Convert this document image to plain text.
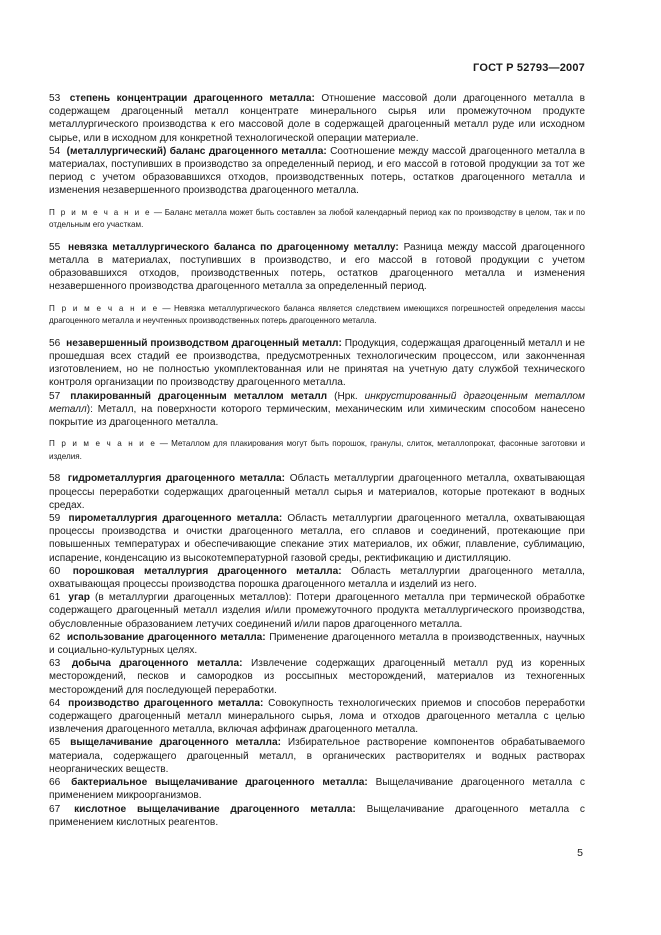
ГОСТ Р 52793—2007

53 степень концентрации драгоценного металла: Отношение массовой доли драгоценного металла в содержащем драгоценный металл концентрате минерального сырья или промежуточном продукте металлургического производства к его массовой доле в содержащей драгоценный металл руде или исходном сырье, или в исходном для конкретной технологической операции материале.

54 (металлургический) баланс драгоценного металла: Соотношение между массой драгоценного металла в материалах, поступивших в производство за определенный период, и его массой в готовой продукции за тот же период с учетом образовавшихся отходов, производственных потерь, остатков драгоценного металла и изменения незавершенного производства драгоценного металла.

П р и м е ч а н и е — Баланс металла может быть составлен за любой календарный период как по производству в целом, так и по отдельным его участкам.

55 невязка металлургического баланса по драгоценному металлу: Разница между массой драгоценного металла в материалах, поступивших в производство, и его массой в готовой продукции с учетом образовавшихся отходов, производственных потерь, остатков драгоценного металла и изменения незавершенного производства драгоценного металла за определенный период.

П р и м е ч а н и е — Невязка металлургического баланса является следствием имеющихся погрешностей определения массы драгоценного металла и неучтенных производственных потерь драгоценного металла.

56 незавершенный производством драгоценный металл: Продукция, содержащая драгоценный металл и не прошедшая всех стадий ее производства, предусмотренных технологическим процессом, или законченная изготовлением, но не полностью укомплектованная или не принятая на учетную дату службой технического контроля организации по производству драгоценного металла.

57 плакированный драгоценным металлом металл (Нрк. инкрустированный драгоценным металлом металл): Металл, на поверхности которого термическим, механическим или химическим способом нанесено покрытие из драгоценного металла.

П р и м е ч а н и е — Металлом для плакирования могут быть порошок, гранулы, слиток, металлопрокат, фасонные заготовки и изделия.

58 гидрометаллургия драгоценного металла: Область металлургии драгоценного металла, охватывающая процессы переработки содержащих драгоценный металл сырья и материалов, которые протекают в водных средах.

59 пирометаллургия драгоценного металла: Область металлургии драгоценного металла, охватывающая процессы производства и очистки драгоценного металла, его сплавов и соединений, протекающие при повышенных температурах и обеспечивающие спекание этих материалов, их обжиг, плавление, сублимацию, испарение, конденсацию из высокотемпературной газовой среды, ректификацию и дистилляцию.

60 порошковая металлургия драгоценного металла: Область металлургии драгоценного металла, охватывающая процессы производства порошка драгоценного металла и изделий из него.

61 угар (в металлургии драгоценных металлов): Потери драгоценного металла при термической обработке содержащего драгоценный металл изделия и/или промежуточного продукта металлургического производства, обусловленные образованием летучих соединений и/или паров драгоценного металла.

62 использование драгоценного металла: Применение драгоценного металла в производственных, научных и социально-культурных целях.

63 добыча драгоценного металла: Извлечение содержащих драгоценный металл руд из коренных месторождений, песков и самородков из россыпных месторождений, материалов из техногенных месторождений для последующей переработки.

64 производство драгоценного металла: Совокупность технологических приемов и способов переработки содержащего драгоценный металл минерального сырья, лома и отходов драгоценного металла с целью извлечения драгоценного металла, включая аффинаж драгоценного металла.

65 выщелачивание драгоценного металла: Избирательное растворение компонентов обрабатываемого материала, содержащего драгоценный металл, в органических растворителях и водных растворах неорганических веществ.

66 бактериальное выщелачивание драгоценного металла: Выщелачивание драгоценного металла с применением микроорганизмов.

67 кислотное выщелачивание драгоценного металла: Выщелачивание драгоценного металла с применением кислотных реагентов.

5
